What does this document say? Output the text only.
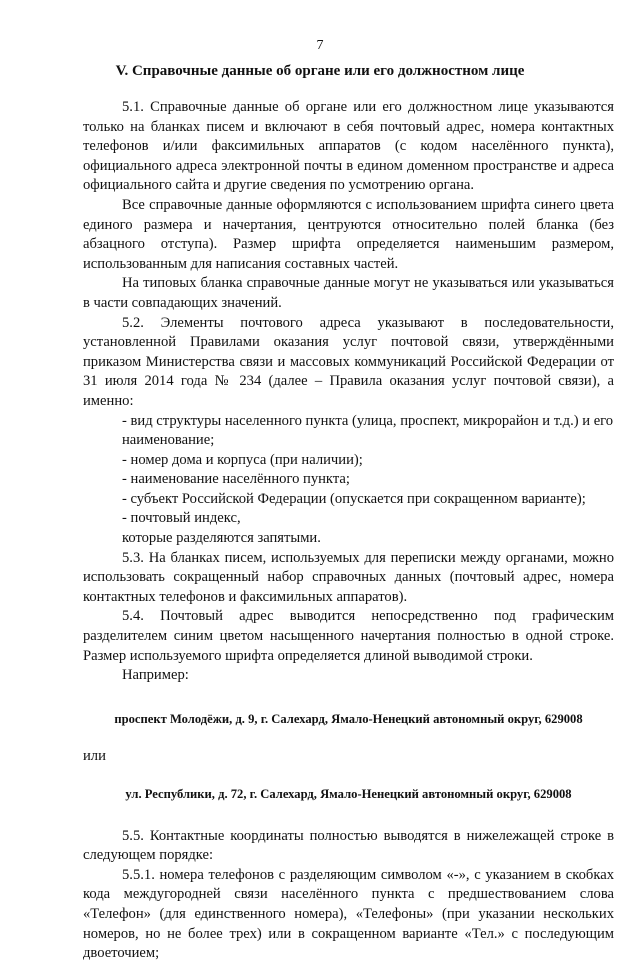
7
V. Справочные данные об органе или его должностном лице

5.1. Справочные данные об органе или его должностном лице указываются только на бланках писем и включают в себя почтовый адрес, номера контактных телефонов и/или факсимильных аппаратов (с кодом населённого пункта), официального адреса электронной почты в едином доменном пространстве и адреса официального сайта и другие сведения по усмотрению органа.

Все справочные данные оформляются с использованием шрифта синего цвета единого размера и начертания, центруются относительно полей бланка (без абзацного отступа). Размер шрифта определяется наименьшим размером, использованным для написания составных частей.

На типовых бланка справочные данные могут не указываться или указываться в части совпадающих значений.

5.2. Элементы почтового адреса указывают в последовательности, установленной Правилами оказания услуг почтовой связи, утверждёнными приказом Министерства связи и массовых коммуникаций Российской Федерации от 31 июля 2014 года № 234 (далее – Правила оказания услуг почтовой связи), а именно:

- вид структуры населенного пункта (улица, проспект, микрорайон и т.д.) и его наименование;

- номер дома и корпуса (при наличии);

- наименование населённого пункта;

- субъект Российской Федерации (опускается при сокращенном варианте);

- почтовый индекс,

которые разделяются запятыми.

5.3. На бланках писем, используемых для переписки между органами, можно использовать сокращенный набор справочных данных (почтовый адрес, номера контактных телефонов и факсимильных аппаратов).

5.4. Почтовый адрес выводится непосредственно под графическим разделителем синим цветом насыщенного начертания полностью в одной строке. Размер используемого шрифта определяется длиной выводимой строки.

Например:

проспект Молодёжи, д. 9, г. Салехард, Ямало-Ненецкий автономный округ, 629008

или

ул. Республики, д. 72, г. Салехард, Ямало-Ненецкий автономный округ, 629008

5.5. Контактные координаты полностью выводятся в нижележащей строке в следующем порядке:

5.5.1. номера телефонов с разделяющим символом «-», с указанием в скобках кода междугородней связи населённого пункта с предшествованием слова «Телефон» (для единственного номера), «Телефоны» (при указании нескольких номеров, но не более трех) или в сокращенном варианте «Тел.» с последующим двоеточием;
